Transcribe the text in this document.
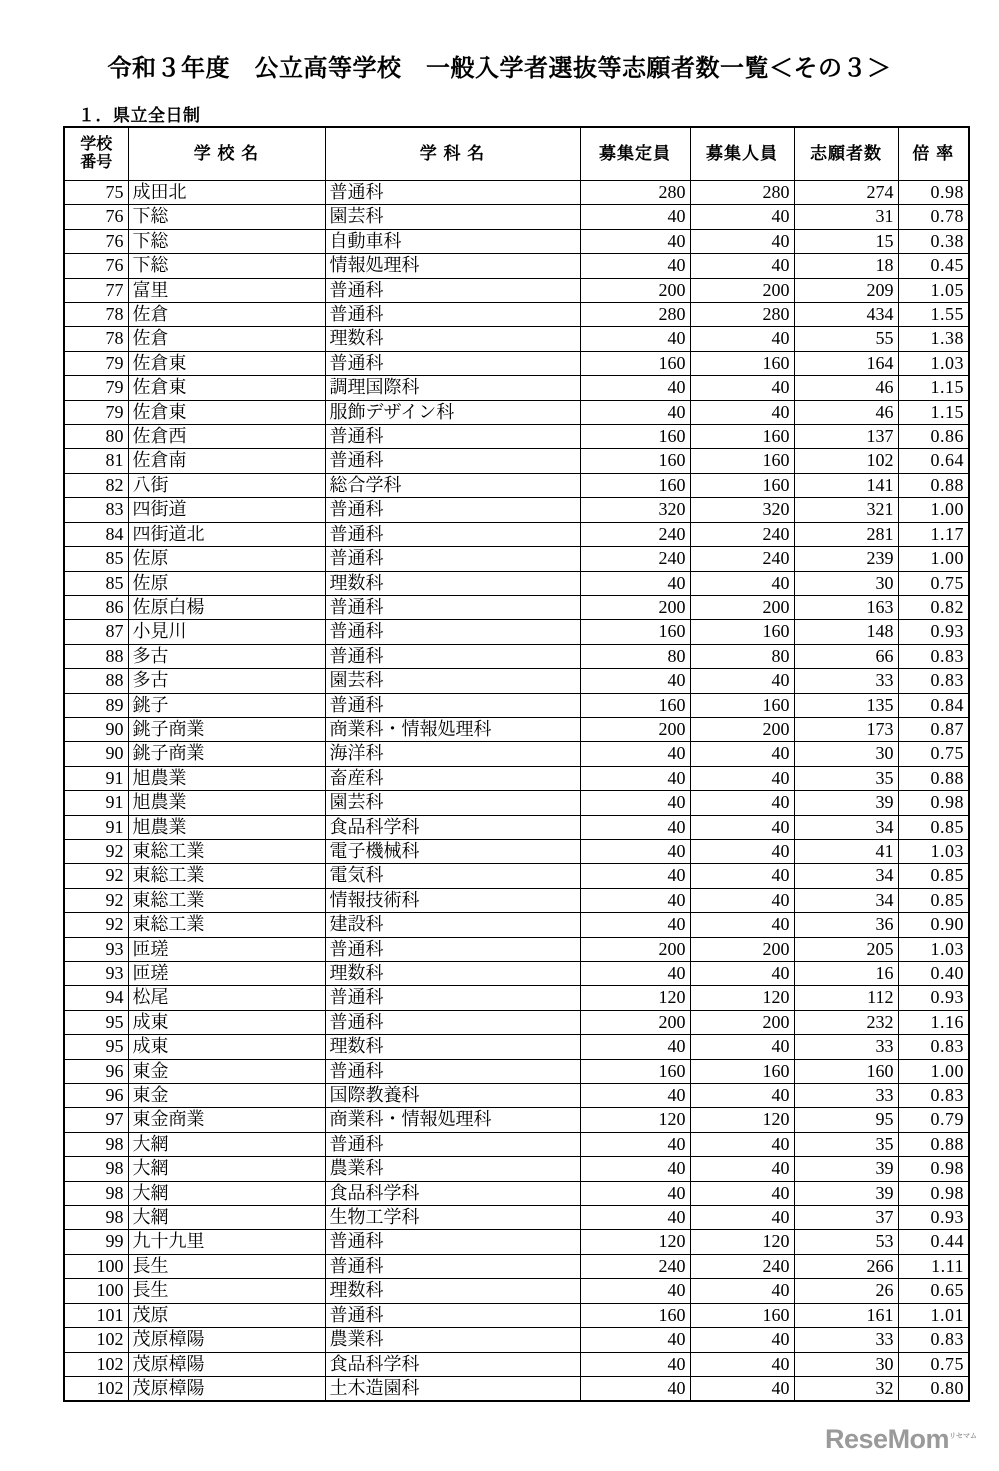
令和３年度　公立高等学校　一般入学者選抜等志願者数一覧＜その３＞
１．県立全日制
学校
番号	学 校 名	学 科 名	募集定員	募集人員	志願者数	倍 率
75	成田北	普通科	280	280	274	0.98
76	下総	園芸科	40	40	31	0.78
76	下総	自動車科	40	40	15	0.38
76	下総	情報処理科	40	40	18	0.45
77	富里	普通科	200	200	209	1.05
78	佐倉	普通科	280	280	434	1.55
78	佐倉	理数科	40	40	55	1.38
79	佐倉東	普通科	160	160	164	1.03
79	佐倉東	調理国際科	40	40	46	1.15
79	佐倉東	服飾デザイン科	40	40	46	1.15
80	佐倉西	普通科	160	160	137	0.86
81	佐倉南	普通科	160	160	102	0.64
82	八街	総合学科	160	160	141	0.88
83	四街道	普通科	320	320	321	1.00
84	四街道北	普通科	240	240	281	1.17
85	佐原	普通科	240	240	239	1.00
85	佐原	理数科	40	40	30	0.75
86	佐原白楊	普通科	200	200	163	0.82
87	小見川	普通科	160	160	148	0.93
88	多古	普通科	80	80	66	0.83
88	多古	園芸科	40	40	33	0.83
89	銚子	普通科	160	160	135	0.84
90	銚子商業	商業科・情報処理科	200	200	173	0.87
90	銚子商業	海洋科	40	40	30	0.75
91	旭農業	畜産科	40	40	35	0.88
91	旭農業	園芸科	40	40	39	0.98
91	旭農業	食品科学科	40	40	34	0.85
92	東総工業	電子機械科	40	40	41	1.03
92	東総工業	電気科	40	40	34	0.85
92	東総工業	情報技術科	40	40	34	0.85
92	東総工業	建設科	40	40	36	0.90
93	匝瑳	普通科	200	200	205	1.03
93	匝瑳	理数科	40	40	16	0.40
94	松尾	普通科	120	120	112	0.93
95	成東	普通科	200	200	232	1.16
95	成東	理数科	40	40	33	0.83
96	東金	普通科	160	160	160	1.00
96	東金	国際教養科	40	40	33	0.83
97	東金商業	商業科・情報処理科	120	120	95	0.79
98	大網	普通科	40	40	35	0.88
98	大網	農業科	40	40	39	0.98
98	大網	食品科学科	40	40	39	0.98
98	大網	生物工学科	40	40	37	0.93
99	九十九里	普通科	120	120	53	0.44
100	長生	普通科	240	240	266	1.11
100	長生	理数科	40	40	26	0.65
101	茂原	普通科	160	160	161	1.01
102	茂原樟陽	農業科	40	40	33	0.83
102	茂原樟陽	食品科学科	40	40	30	0.75
102	茂原樟陽	土木造園科	40	40	32	0.80
ReseMom$^{リセマム}$
